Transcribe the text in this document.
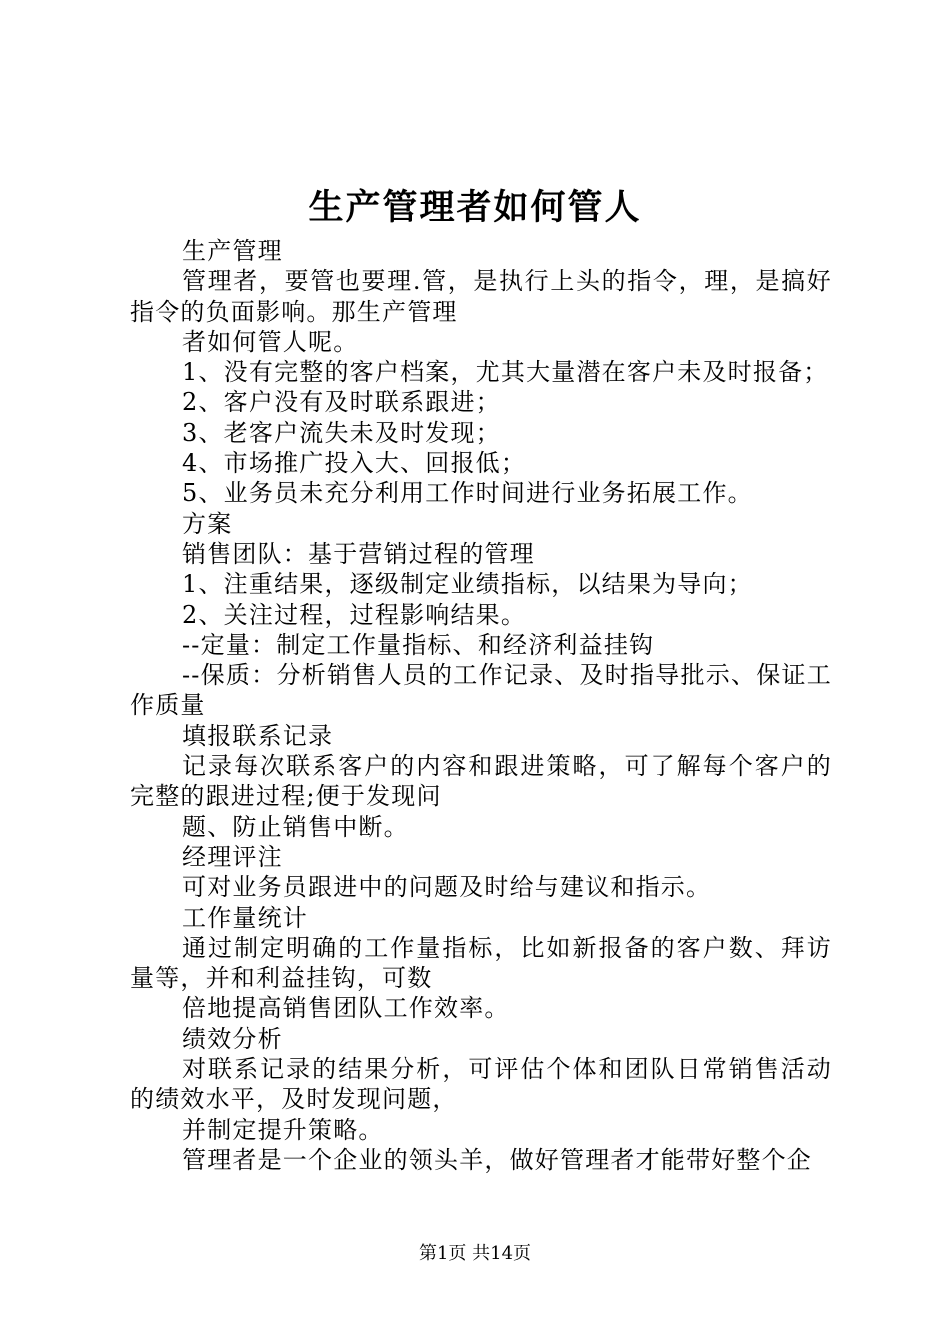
生产管理者如何管人

生产管理

管理者，要管也要理.管，是执行上头的指令，理，是搞好指令的负面影响。那生产管理

者如何管人呢。

1、没有完整的客户档案，尤其大量潜在客户未及时报备；

2、客户没有及时联系跟进；

3、老客户流失未及时发现；

4、市场推广投入大、回报低；

5、业务员未充分利用工作时间进行业务拓展工作。

方案

销售团队：基于营销过程的管理

1、注重结果，逐级制定业绩指标，以结果为导向；

2、关注过程，过程影响结果。

--定量：制定工作量指标、和经济利益挂钩

--保质：分析销售人员的工作记录、及时指导批示、保证工作质量

填报联系记录

记录每次联系客户的内容和跟进策略，可了解每个客户的完整的跟进过程;便于发现问

题、防止销售中断。

经理评注

可对业务员跟进中的问题及时给与建议和指示。

工作量统计

通过制定明确的工作量指标，比如新报备的客户数、拜访量等，并和利益挂钩，可数

倍地提高销售团队工作效率。

绩效分析

对联系记录的结果分析，可评估个体和团队日常销售活动的绩效水平，及时发现问题，

并制定提升策略。

管理者是一个企业的领头羊，做好管理者才能带好整个企

第1页 共14页
